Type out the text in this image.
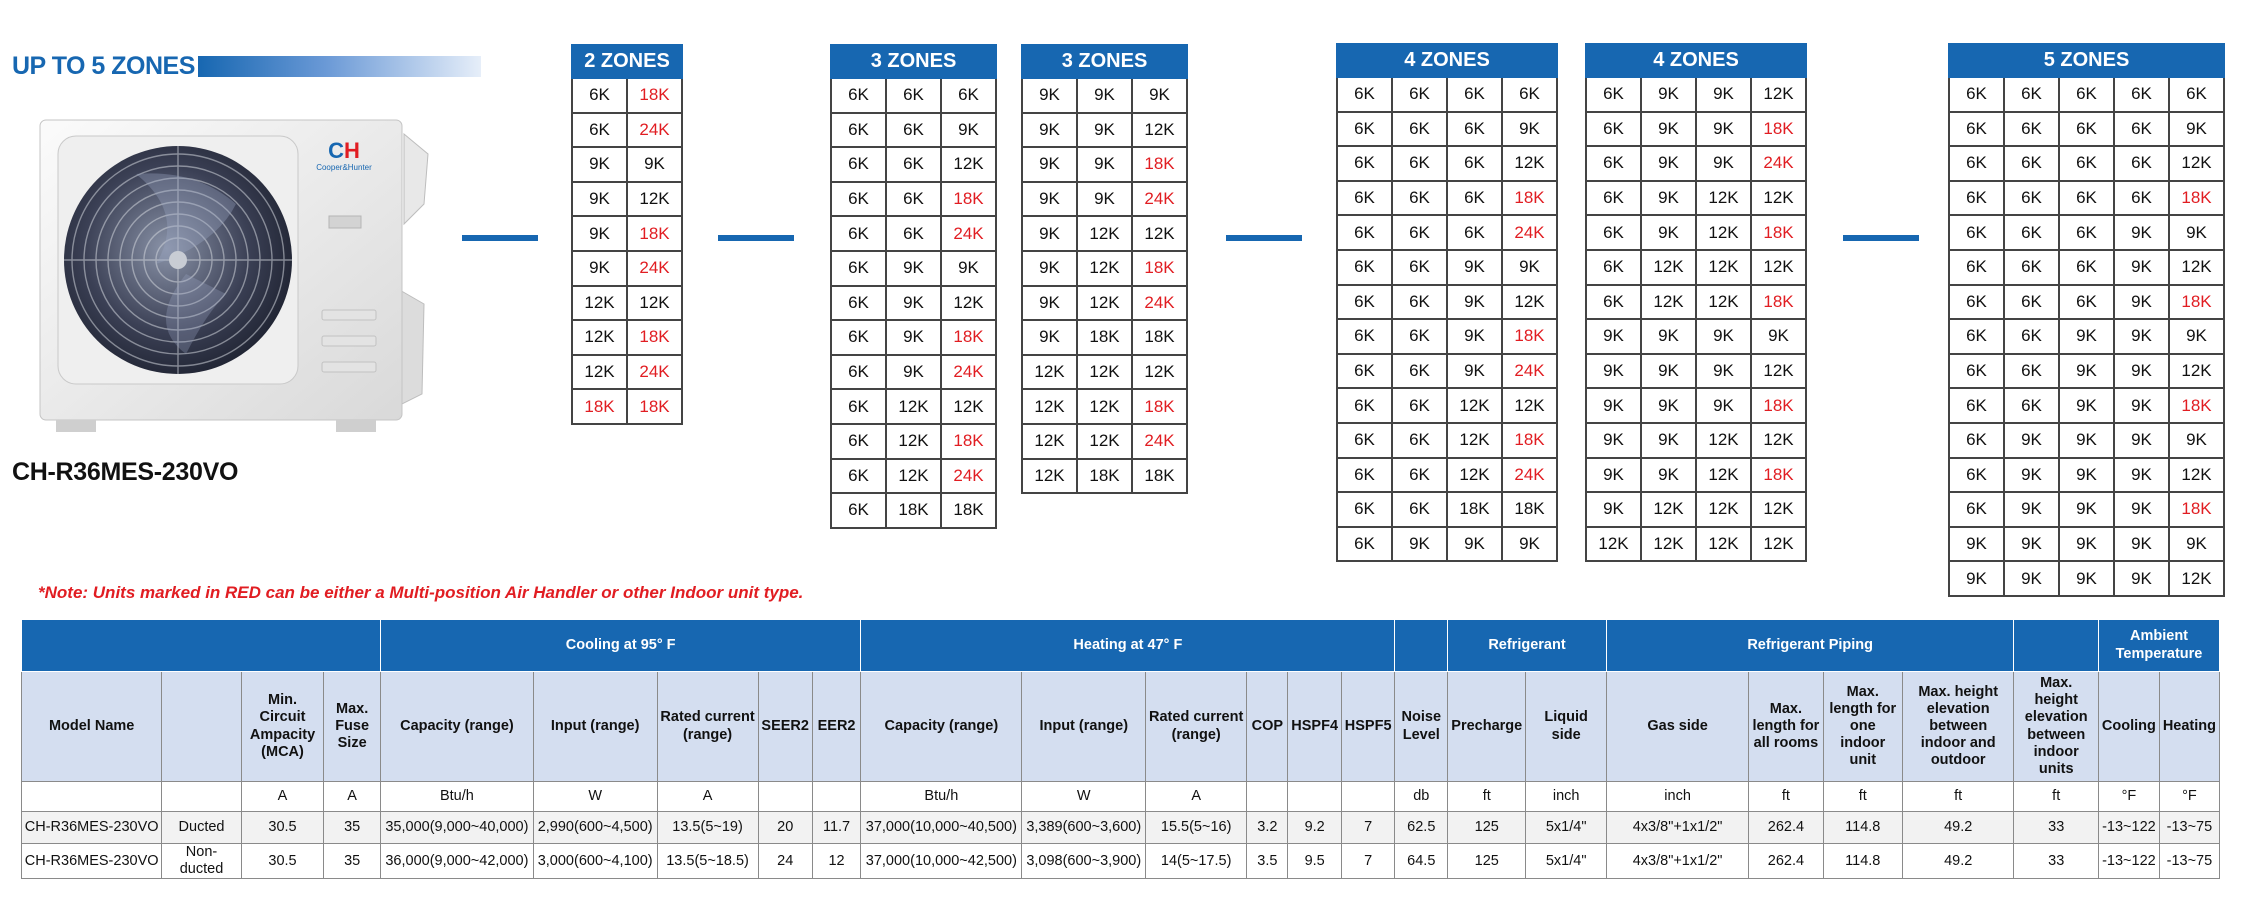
UP TO 5 ZONES
CH
Cooper&Hunter
CH-R36MES-230VO
2 ZONES	
6K	18K
6K	24K
9K	9K
9K	12K
9K	18K
9K	24K
12K	12K
12K	18K
12K	24K
18K	18K
3 ZONES		
6K	6K	6K
6K	6K	9K
6K	6K	12K
6K	6K	18K
6K	6K	24K
6K	9K	9K
6K	9K	12K
6K	9K	18K
6K	9K	24K
6K	12K	12K
6K	12K	18K
6K	12K	24K
6K	18K	18K
3 ZONES		
9K	9K	9K
9K	9K	12K
9K	9K	18K
9K	9K	24K
9K	12K	12K
9K	12K	18K
9K	12K	24K
9K	18K	18K
12K	12K	12K
12K	12K	18K
12K	12K	24K
12K	18K	18K
4 ZONES			
6K	6K	6K	6K
6K	6K	6K	9K
6K	6K	6K	12K
6K	6K	6K	18K
6K	6K	6K	24K
6K	6K	9K	9K
6K	6K	9K	12K
6K	6K	9K	18K
6K	6K	9K	24K
6K	6K	12K	12K
6K	6K	12K	18K
6K	6K	12K	24K
6K	6K	18K	18K
6K	9K	9K	9K
4 ZONES			
6K	9K	9K	12K
6K	9K	9K	18K
6K	9K	9K	24K
6K	9K	12K	12K
6K	9K	12K	18K
6K	12K	12K	12K
6K	12K	12K	18K
9K	9K	9K	9K
9K	9K	9K	12K
9K	9K	9K	18K
9K	9K	12K	12K
9K	9K	12K	18K
9K	12K	12K	12K
12K	12K	12K	12K
5 ZONES				
6K	6K	6K	6K	6K
6K	6K	6K	6K	9K
6K	6K	6K	6K	12K
6K	6K	6K	6K	18K
6K	6K	6K	9K	9K
6K	6K	6K	9K	12K
6K	6K	6K	9K	18K
6K	6K	9K	9K	9K
6K	6K	9K	9K	12K
6K	6K	9K	9K	18K
6K	9K	9K	9K	9K
6K	9K	9K	9K	12K
6K	9K	9K	9K	18K
9K	9K	9K	9K	9K
9K	9K	9K	9K	12K
*Note: Units marked in RED can be either a Multi-position Air Handler or other Indoor unit type.
				Cooling at 95° F					Heating at 47° F							Refrigerant		Refrigerant Piping					Ambient Temperature	
Model Name		Min. Circuit Ampacity (MCA)	Max. Fuse Size	Capacity (range)	Input (range)	Rated current (range)	SEER2	EER2	Capacity (range)	Input (range)	Rated current (range)	COP	HSPF4	HSPF5	Noise Level	Precharge	Liquid side	Gas side	Max. length for all rooms	Max. length for one indoor unit	Max. height elevation between indoor and outdoor	Max. height elevation between indoor units	Cooling	Heating
		A	A	Btu/h	W	A			Btu/h	W	A				db	ft	inch	inch	ft	ft	ft	ft	°F	°F
CH-R36MES-230VO	Ducted	30.5	35	35,000(9,000~40,000)	2,990(600~4,500)	13.5(5~19)	20	11.7	37,000(10,000~40,500)	3,389(600~3,600)	15.5(5~16)	3.2	9.2	7	62.5	125	5x1/4"	4x3/8"+1x1/2"	262.4	114.8	49.2	33	-13~122	-13~75
CH-R36MES-230VO	Non-ducted	30.5	35	36,000(9,000~42,000)	3,000(600~4,100)	13.5(5~18.5)	24	12	37,000(10,000~42,500)	3,098(600~3,900)	14(5~17.5)	3.5	9.5	7	64.5	125	5x1/4"	4x3/8"+1x1/2"	262.4	114.8	49.2	33	-13~122	-13~75
